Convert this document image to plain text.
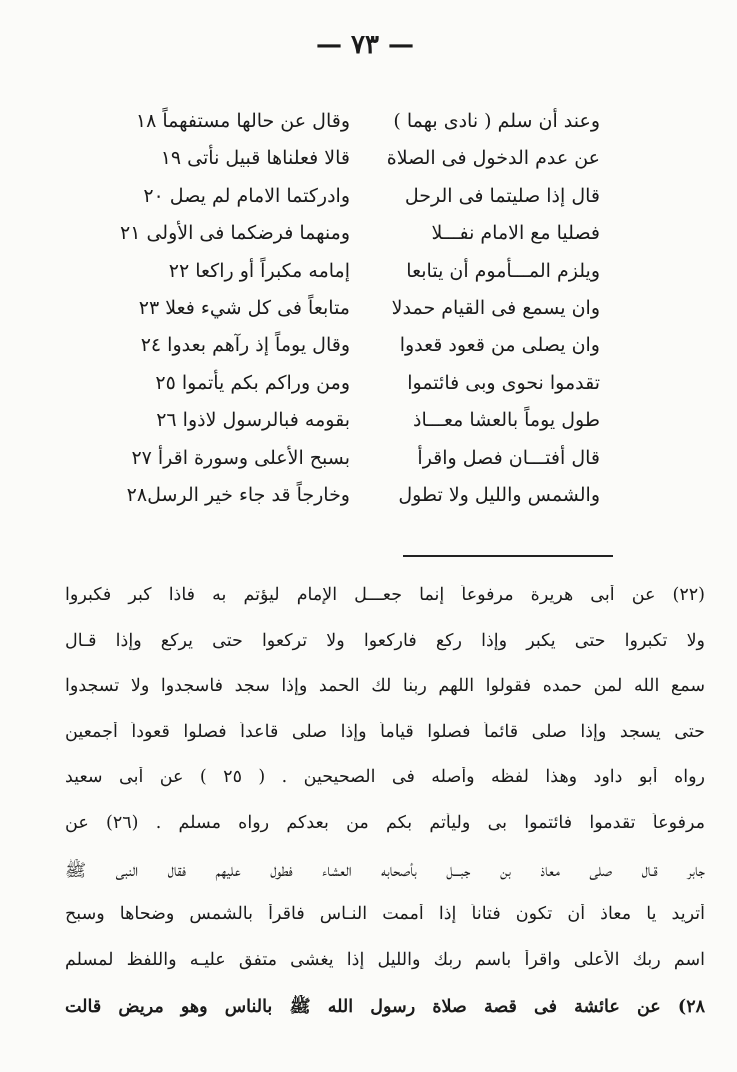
— ٧٣ —
وعند أن سلم ( نادى بهما )
وقال عن حالها مستفهماً ١٨
عن عدم الدخول فى الصلاة
قالا فعلناها قبيل نأتى ١٩
قال إذا صليتما فى الرحل
وادركتما الامام لم يصل ٢٠
فصليا مع الامام نفـــلا
ومنهما فرضكما فى الأولى ٢١
ويلزم المـــأموم أن يتابعا
إمامه مكبراً أو راكعا ٢٢
وان يسمع فى القيام حمدلا
متابعاً فى كل شيء فعلا ٢٣
وان يصلى من قعود قعدوا
وقال يوماً إذ رآهم بعدوا ٢٤
تقدموا نحوى وبى فائتموا
ومن وراكم بكم يأتموا ٢٥
طول يوماً بالعشا معـــاذ
بقومه فبالرسول لاذوا ٢٦
قال أفتـــان فصل واقرأ
بسبح الأعلى وسورة اقرأ ٢٧
والشمس والليل ولا تطول
وخارجاً قد جاء خير الرسل٢٨
(٢٢) عن أبى هريرة مرفوعاً إنما جعـــل الإمام ليؤتم به فاذا كبر فكبروا
ولا تكبروا حتى يكبر وإذا ركع فاركعوا ولا تركعوا حتى يركع وإذا قـال
سمع الله لمن حمده فقولوا اللهم ربنا لك الحمد وإذا سجد فاسجدوا ولا تسجدوا
حتى يسجد وإذا صلى قائماً فصلوا قياماً وإذا صلى قاعداً فصلوا قعوداً أجمعين
رواه أبو داود وهذا لفظه وأصله فى الصحيحين . ( ٢٥ ) عن أبى سعيد
مرفوعاً تقدموا فائتموا بى وليأتم بكم من بعدكم رواه مسلم . (٢٦) عن
جابر قـال صلى معاذ بن جبـــل بأصحابه العشاء فطول عليهم فقال النبى ﷺ
أتريد يا معاذ أن تكون فتاناً إذا أممت النـاس فاقرأ بالشمس وضحاها وسبح
اسم ربك الأعلى واقرأ باسم ربك والليل إذا يغشى متفق عليـه واللفظ لمسلم
٢٨) عن عائشة فى قصة صلاة رسول الله ﷺ بالناس وهو مريض قالت
